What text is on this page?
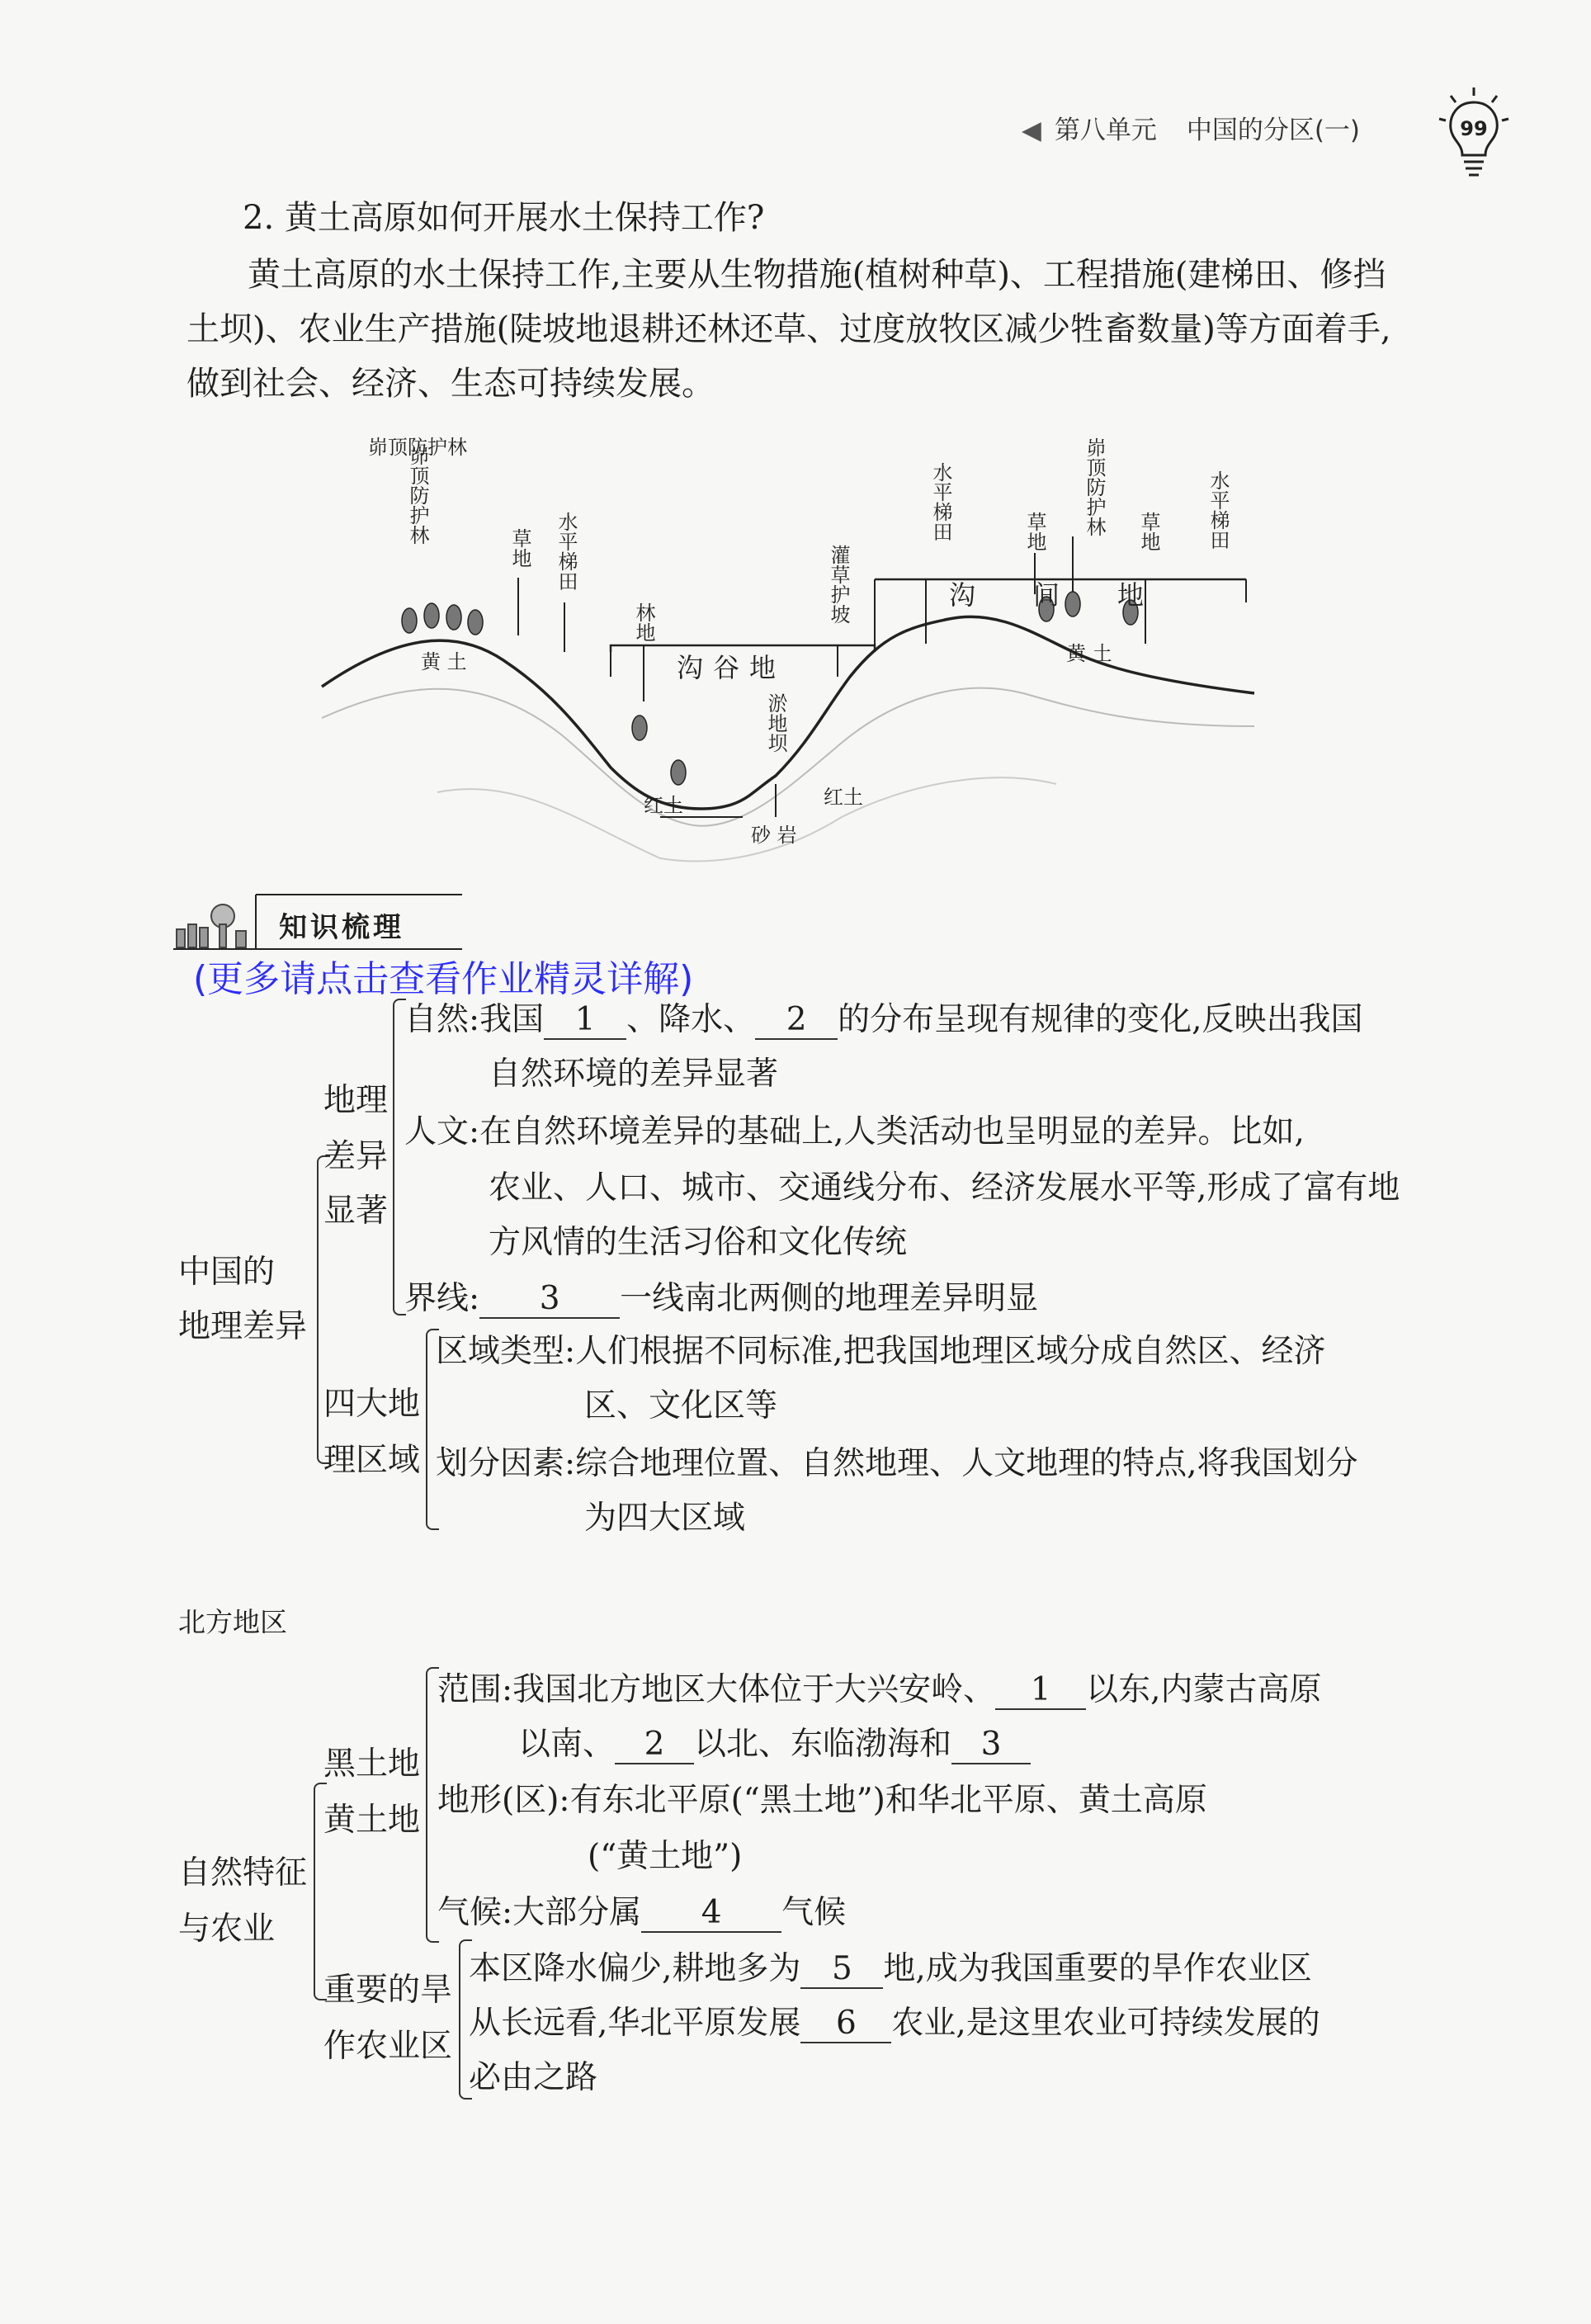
◀ 第八单元 中国的分区(一)	99
2. 黄土高原如何开展水土保持工作?
黄土高原的水土保持工作,主要从生物措施(植树种草)、工程措施(建梯田、修挡
土坝)、农业生产措施(陡坡地退耕还林还草、过度放牧区减少牲畜数量)等方面着手,
做到社会、经济、生态可持续发展。
峁顶防护林
峁顶防护林
草地 水平梯田
林地	灌草护坡
淤地坝
水平梯田	草地 峁顶防护林 草地 水平梯田
沟谷地
沟间地
黄 土	黄 土
红土	红土
砂 岩
知识梳理
(更多请点击查看作业精灵详解)
中国的
地理差异
地理
差异
显著
自然:我国 1 、降水、 2 的分布呈现有规律的变化,反映出我国
自然环境的差异显著
人文:在自然环境差异的基础上,人类活动也呈明显的差异。比如,
农业、人口、城市、交通线分布、经济发展水平等,形成了富有地
方风情的生活习俗和文化传统
界线: 3 一线南北两侧的地理差异明显
四大地
理区域
区域类型:人们根据不同标准,把我国地理区域分成自然区、经济
区、文化区等
划分因素:综合地理位置、自然地理、人文地理的特点,将我国划分
为四大区域
北方地区
自然特征
与农业
黑土地
黄土地
范围:我国北方地区大体位于大兴安岭、 1 以东,内蒙古高原
以南、 2 以北、东临渤海和 3
地形(区):有东北平原(“黑土地”)和华北平原、黄土高原
(“黄土地”)
气候:大部分属 4 气候
重要的旱
作农业区
本区降水偏少,耕地多为 5 地,成为我国重要的旱作农业区
从长远看,华北平原发展 6 农业,是这里农业可持续发展的
必由之路
